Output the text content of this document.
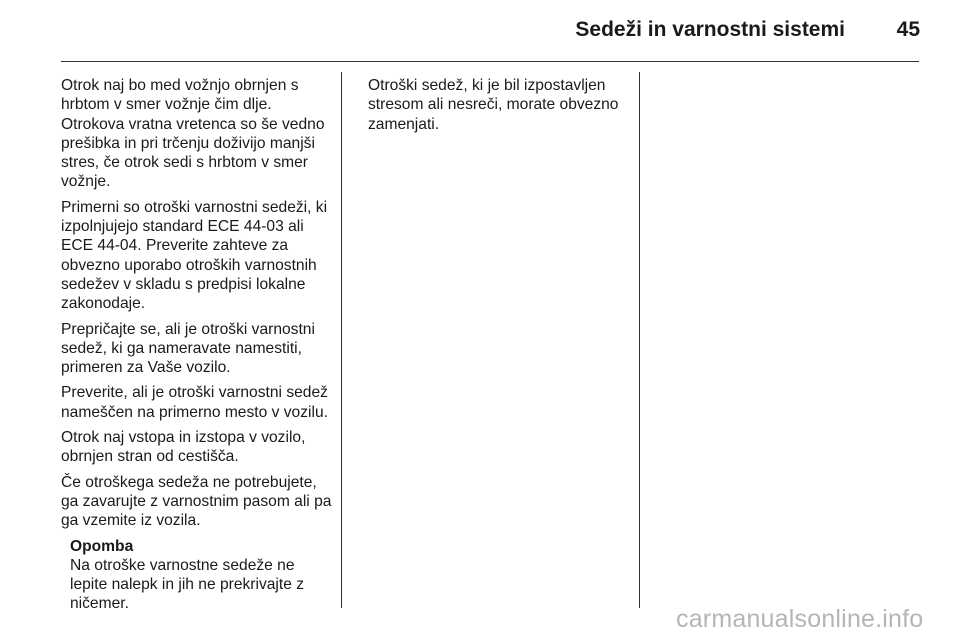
Sedeži in varnostni sistemi	45

Otrok naj bo med vožnjo obrnjen s hrbtom v smer vožnje čim dlje. Otrokova vratna vretenca so še vedno prešibka in pri trčenju doživijo manjši stres, če otrok sedi s hrbtom v smer vožnje.

Primerni so otroški varnostni sedeži, ki izpolnjujejo standard ECE 44-03 ali ECE 44-04. Preverite zahteve za obvezno uporabo otroških varnostnih sedežev v skladu s predpisi lokalne zakonodaje.

Prepričajte se, ali je otroški varnostni sedež, ki ga nameravate namestiti, primeren za Vaše vozilo.

Preverite, ali je otroški varnostni sedež nameščen na primerno mesto v vozilu.

Otrok naj vstopa in izstopa v vozilo, obrnjen stran od cestišča.

Če otroškega sedeža ne potrebujete, ga zavarujte z varnostnim pasom ali pa ga vzemite iz vozila.

Opomba
Na otroške varnostne sedeže ne lepite nalepk in jih ne prekrivajte z ničemer.

Otroški sedež, ki je bil izpostavljen stresom ali nesreči, morate obvezno zamenjati.

carmanualsonline.info
